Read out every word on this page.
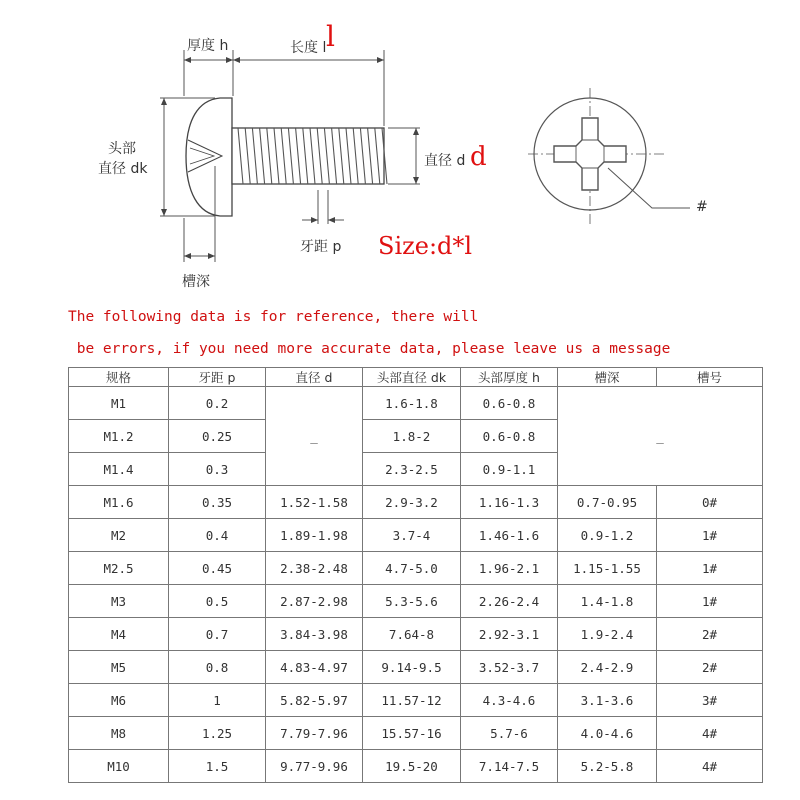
厚度 h	长度 l
头部
直径 dk	直径 d
牙距 p
槽深
#
l
d
Size:d*l
The following data is for reference, there will
be errors, if you need more accurate data, please leave us a message
规格	牙距 p	直径 d	头部直径 dk	头部厚度 h	槽深	槽号
M1	0.2	_	1.6-1.8	0.6-0.8	_	
M1.2	0.25		1.8-2	0.6-0.8		
M1.4	0.3		2.3-2.5	0.9-1.1		
M1.6	0.35	1.52-1.58	2.9-3.2	1.16-1.3	0.7-0.95	0#
M2	0.4	1.89-1.98	3.7-4	1.46-1.6	0.9-1.2	1#
M2.5	0.45	2.38-2.48	4.7-5.0	1.96-2.1	1.15-1.55	1#
M3	0.5	2.87-2.98	5.3-5.6	2.26-2.4	1.4-1.8	1#
M4	0.7	3.84-3.98	7.64-8	2.92-3.1	1.9-2.4	2#
M5	0.8	4.83-4.97	9.14-9.5	3.52-3.7	2.4-2.9	2#
M6	1	5.82-5.97	11.57-12	4.3-4.6	3.1-3.6	3#
M8	1.25	7.79-7.96	15.57-16	5.7-6	4.0-4.6	4#
M10	1.5	9.77-9.96	19.5-20	7.14-7.5	5.2-5.8	4#
